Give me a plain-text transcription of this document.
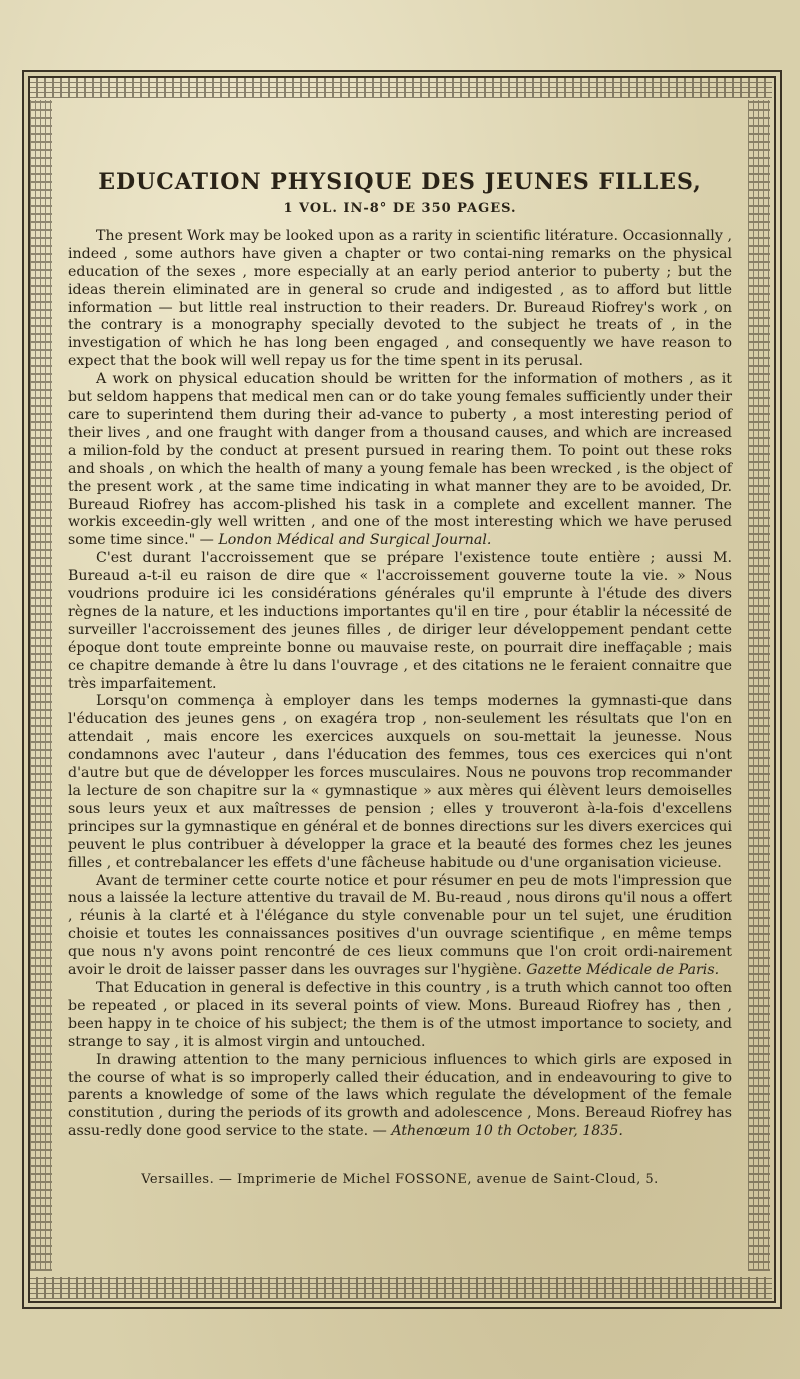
EDUCATION PHYSIQUE DES JEUNES FILLES,
1 VOL. IN-8° DE 350 PAGES.

The present Work may be looked upon as a rarity in scientific litérature. Occasionnally , indeed , some authors have given a chapter or two contai-ning remarks on the physical education of the sexes , more especially at an early period anterior to puberty ; but the ideas therein eliminated are in general so crude and indigested , as to afford but little information — but little real instruction to their readers. Dr. Bureaud Riofrey's work , on the contrary is a monography specially devoted to the subject he treats of , in the investigation of which he has long been engaged , and consequently we have reason to expect that the book will well repay us for the time spent in its perusal.

A work on physical education should be written for the information of mothers , as it but seldom happens that medical men can or do take young females sufficiently under their care to superintend them during their ad-vance to puberty , a most interesting period of their lives , and one fraught with danger from a thousand causes, and which are increased a milion-fold by the conduct at present pursued in rearing them. To point out these roks and shoals , on which the health of many a young female has been wrecked , is the object of the present work , at the same time indicating in what manner they are to be avoided, Dr. Bureaud Riofrey has accom-plished his task in a complete and excellent manner. The workis exceedin-gly well written , and one of the most interesting which we have perused some time since." — London Médical and Surgical Journal.

C'est durant l'accroissement que se prépare l'existence toute entière ; aussi M. Bureaud a-t-il eu raison de dire que « l'accroissement gouverne toute la vie. » Nous voudrions produire ici les considérations générales qu'il emprunte à l'étude des divers règnes de la nature, et les inductions importantes qu'il en tire , pour établir la nécessité de surveiller l'accroissement des jeunes filles , de diriger leur développement pendant cette époque dont toute empreinte bonne ou mauvaise reste, on pourrait dire ineffaçable ; mais ce chapitre demande à être lu dans l'ouvrage , et des citations ne le feraient connaitre que très imparfaitement.

Lorsqu'on commença à employer dans les temps modernes la gymnasti-que dans l'éducation des jeunes gens , on exagéra trop , non-seulement les résultats que l'on en attendait , mais encore les exercices auxquels on sou-mettait la jeunesse. Nous condamnons avec l'auteur , dans l'éducation des femmes, tous ces exercices qui n'ont d'autre but que de développer les forces musculaires. Nous ne pouvons trop recommander la lecture de son chapitre sur la « gymnastique » aux mères qui élèvent leurs demoiselles sous leurs yeux et aux maîtresses de pension ; elles y trouveront à-la-fois d'excellens principes sur la gymnastique en général et de bonnes directions sur les divers exercices qui peuvent le plus contribuer à développer la grace et la beauté des formes chez les jeunes filles , et contrebalancer les effets d'une fâcheuse habitude ou d'une organisation vicieuse.

Avant de terminer cette courte notice et pour résumer en peu de mots l'impression que nous a laissée la lecture attentive du travail de M. Bu-reaud , nous dirons qu'il nous a offert , réunis à la clarté et à l'élégance du style convenable pour un tel sujet, une érudition choisie et toutes les connaissances positives d'un ouvrage scientifique , en même temps que nous n'y avons point rencontré de ces lieux communs que l'on croit ordi-nairement avoir le droit de laisser passer dans les ouvrages sur l'hygiène. Gazette Médicale de Paris.

That Education in general is defective in this country , is a truth which cannot too often be repeated , or placed in its several points of view. Mons. Bureaud Riofrey has , then , been happy in te choice of his subject; the them is of the utmost importance to society, and strange to say , it is almost virgin and untouched.

In drawing attention to the many pernicious influences to which girls are exposed in the course of what is so improperly called their éducation, and in endeavouring to give to parents a knowledge of some of the laws which regulate the dévelopment of the female constitution , during the periods of its growth and adolescence , Mons. Bereaud Riofrey has assu-redly done good service to the state. — Athenœum 10 th October, 1835.

Versailles. — Imprimerie de Michel FOSSONE, avenue de Saint-Cloud, 5.
